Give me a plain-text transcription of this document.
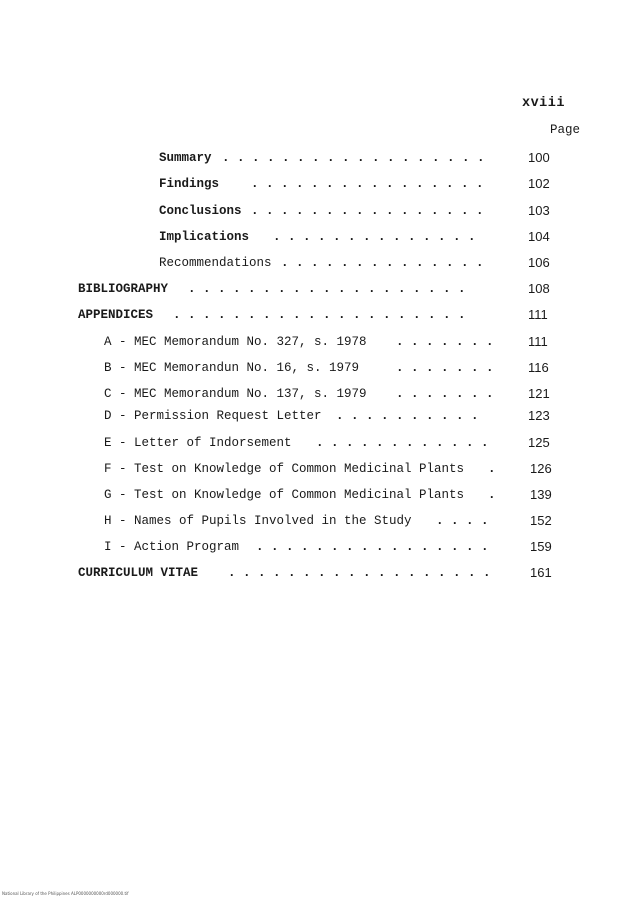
xviii
Page
Summary . . . . . . . . . . . . . . . . . .	100
Findings	. . . . . . . . . . . . . . . .	102
Conclusions . . . . . . . . . . . . . . . .	103
Implications . . . . . . . . . . . . . .	104
Recommendations . . . . . . . . . . . . . .	106
BIBLIOGRAPHY . . . . . . . . . . . . . . . . . . .	108
APPENDICES . . . . . . . . . . . . . . . . . . . .	111
A - MEC Memorandum No. 327, s. 1978 . . . . . . .	111
B - MEC Memorandun No. 16, s. 1979	. . . . . . .	116
C - MEC Memorandum No. 137, s. 1979 . . . . . . .	121
D - Permission Request Letter . . . . . . . . . .	123
E - Letter of Indorsement . . . . . . . . . . . .	125
F - Test on Knowledge of Common Medicinal Plants .	126
G - Test on Knowledge of Common Medicinal Plants .	139
H - Names of Pupils Involved in the Study . . . .	152
I - Action Program . . . . . . . . . . . . . . . .	159
CURRICULUM VITAE . . . . . . . . . . . . . . . . . .	161
National Library of the Philippines ALP0000000000rd000000.tif
